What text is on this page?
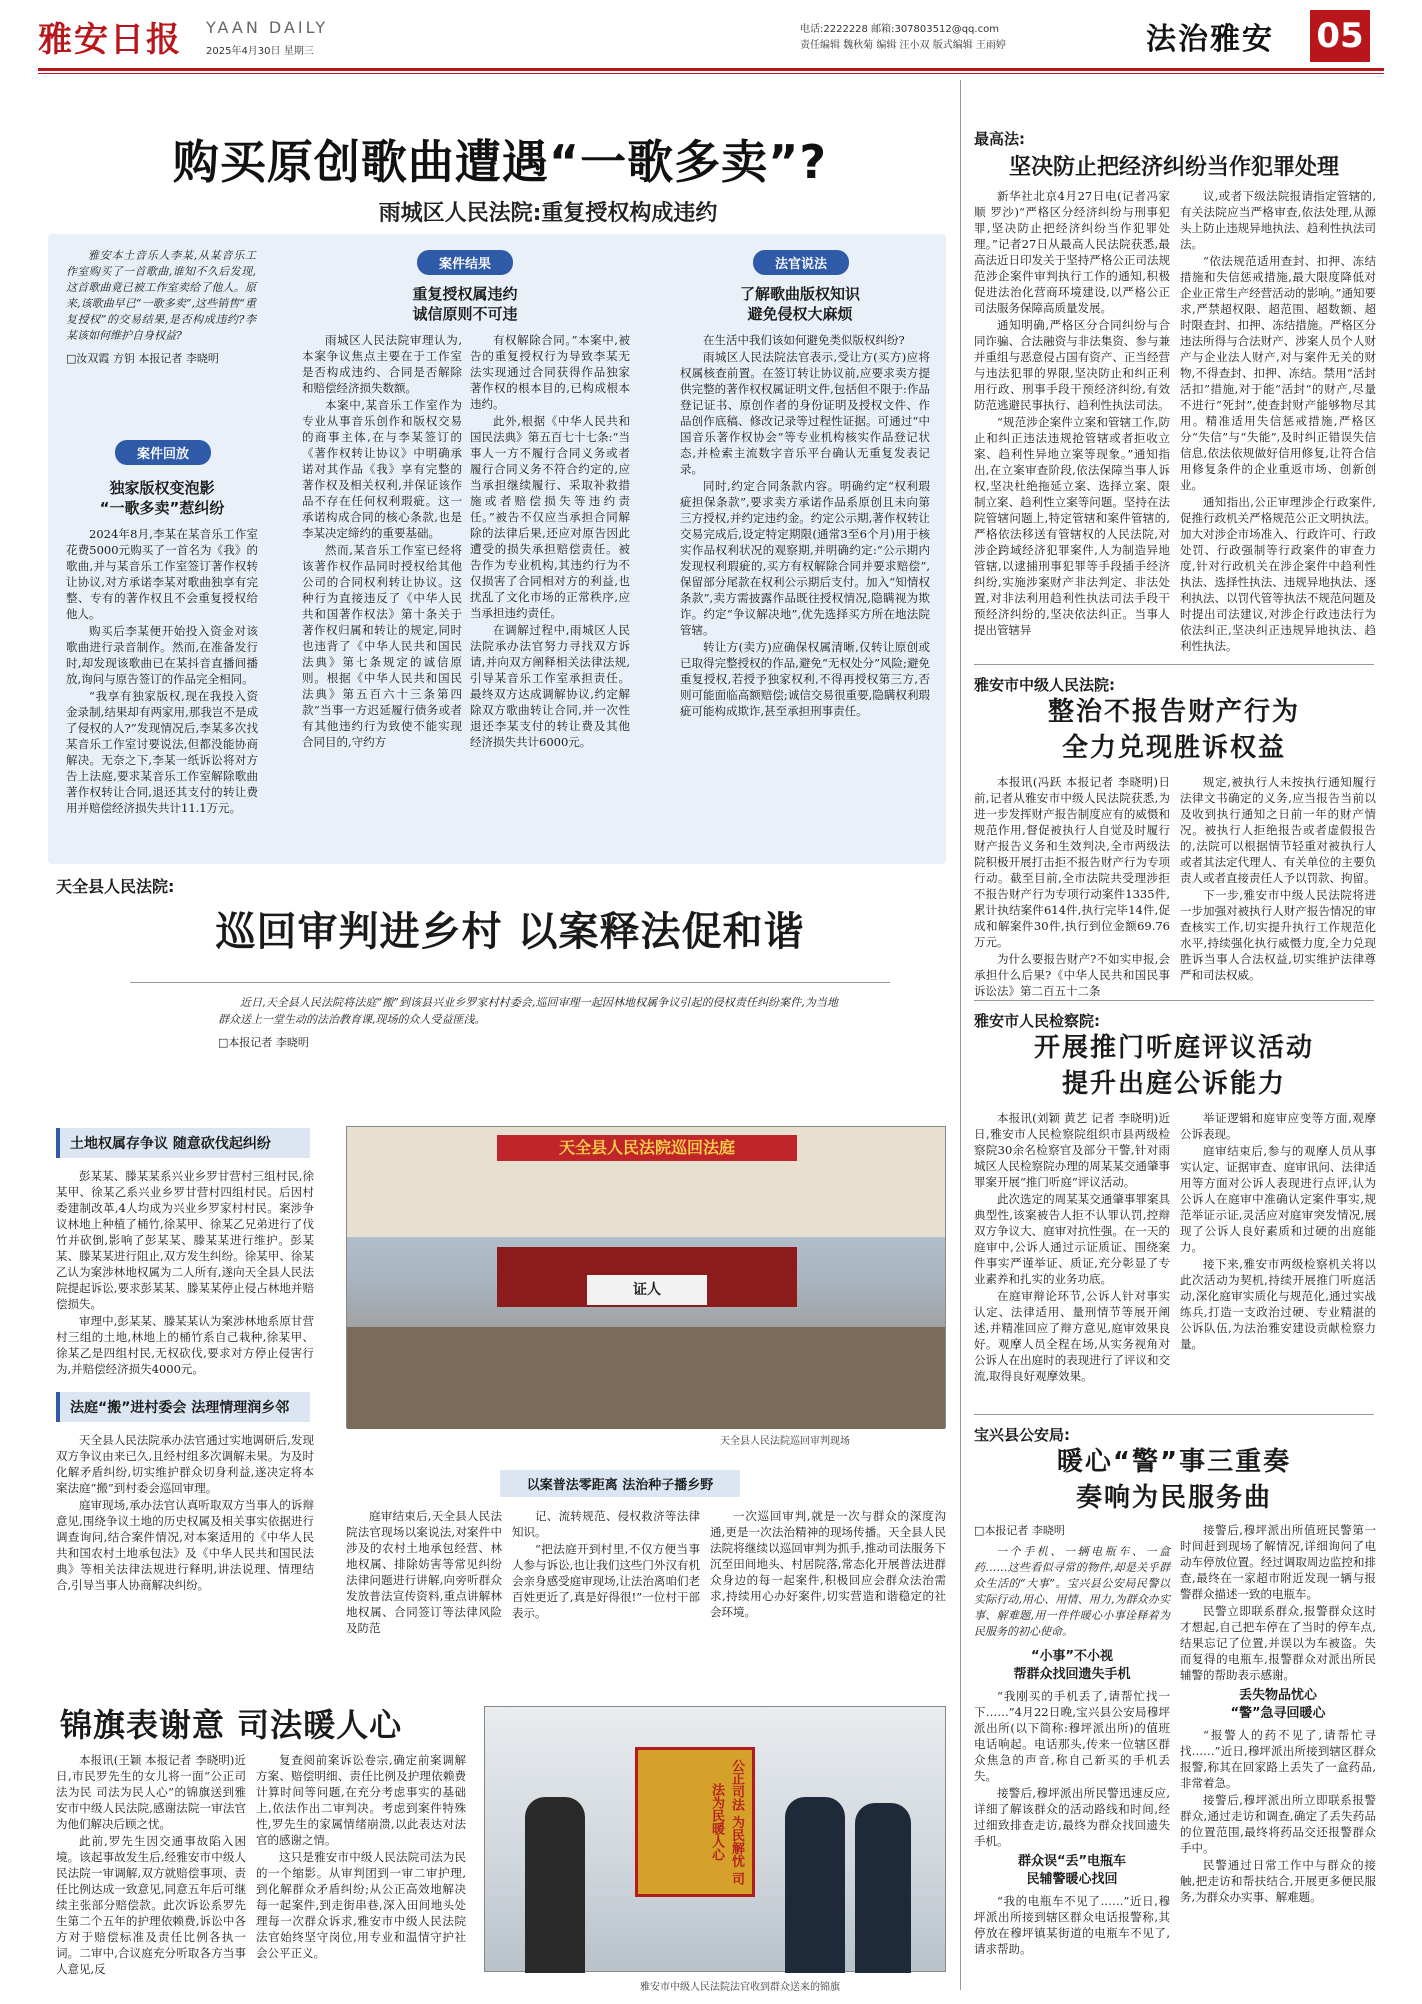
雅安日报 YAAN DAILY
2025年4月30日 星期三
电话:2222228 邮箱:307803512@qq.com
责任编辑 魏秋菊 编辑 汪小双 版式编辑 王雨婷	法治雅安	05
购买原创歌曲遭遇“一歌多卖”?
雨城区人民法院:重复授权构成违约
雅安本土音乐人李某,从某音乐工作室购买了一首歌曲,谁知不久后发现,这首歌曲竟已被工作室卖给了他人。原来,该歌曲早已“一歌多卖”,这些销售“重复授权”的交易结果,是否构成违约?李某该如何维护自身权益?
□汝双霞 方钥 本报记者 李晓明
案件回放
独家版权变泡影
“一歌多卖”惹纠纷

2024年8月,李某在某音乐工作室花费5000元购买了一首名为《我》的歌曲,并与某音乐工作室签订著作权转让协议,对方承诺李某对歌曲独享有完整、专有的著作权且不会重复授权给他人。

购买后李某便开始投入资金对该歌曲进行录音制作。然而,在准备发行时,却发现该歌曲已在某抖音直播间播放,询问与原告签订的作品完全相同。

“我享有独家版权,现在我投入资金录制,结果却有两家用,那我岂不是成了侵权的人?”发现情况后,李某多次找某音乐工作室讨要说法,但都没能协商解决。无奈之下,李某一纸诉讼将对方告上法庭,要求某音乐工作室解除歌曲著作权转让合同,退还其支付的转让费用并赔偿经济损失共计11.1万元。

案件结果
重复授权属违约
诚信原则不可违

雨城区人民法院审理认为,本案争议焦点主要在于工作室是否构成违约、合同是否解除和赔偿经济损失数额。

本案中,某音乐工作室作为专业从事音乐创作和版权交易的商事主体,在与李某签订的《著作权转让协议》中明确承诺对其作品《我》享有完整的著作权及相关权利,并保证该作品不存在任何权利瑕疵。这一承诺构成合同的核心条款,也是李某决定缔约的重要基础。

然而,某音乐工作室已经将该著作权作品同时授权给其他公司的合同权利转让协议。这种行为直接违反了《中华人民共和国著作权法》第十条关于著作权归属和转让的规定,同时也违背了《中华人民共和国民法典》第七条规定的诚信原则。根据《中华人民共和国民法典》第五百六十三条第四款“当事一方迟延履行债务或者有其他违约行为致使不能实现合同目的,守约方

有权解除合同。”本案中,被告的重复授权行为导致李某无法实现通过合同获得作品独家著作权的根本目的,已构成根本违约。

此外,根据《中华人民共和国民法典》第五百七十七条:“当事人一方不履行合同义务或者履行合同义务不符合约定的,应当承担继续履行、采取补救措施或者赔偿损失等违约责任。”被告不仅应当承担合同解除的法律后果,还应对原告因此遭受的损失承担赔偿责任。被告作为专业机构,其违约行为不仅损害了合同相对方的利益,也扰乱了文化市场的正常秩序,应当承担违约责任。

在调解过程中,雨城区人民法院承办法官努力寻找双方诉请,并向双方阐释相关法律法规,引导某音乐工作室承担责任。最终双方达成调解协议,约定解除双方歌曲转让合同,并一次性退还李某支付的转让费及其他经济损失共计6000元。

法官说法
了解歌曲版权知识
避免侵权大麻烦

在生活中我们该如何避免类似版权纠纷?

雨城区人民法院法官表示,受让方(买方)应将权属核查前置。在签订转让协议前,应要求卖方提供完整的著作权权属证明文件,包括但不限于:作品登记证书、原创作者的身份证明及授权文件、作品创作底稿、修改记录等过程性证据。可通过“中国音乐著作权协会”等专业机构核实作品登记状态,并检索主流数字音乐平台确认无重复发表记录。

同时,约定合同条款内容。明确约定“权利瑕疵担保条款”,要求卖方承诺作品系原创且未向第三方授权,并约定违约金。约定公示期,著作权转让交易完成后,设定特定期限(通常3至6个月)用于核实作品权利状况的观察期,并明确约定:“公示期内发现权利瑕疵的,买方有权解除合同并要求赔偿”,保留部分尾款在权利公示期后支付。加入“知情权条款”,卖方需披露作品既往授权情况,隐瞒视为欺诈。约定“争议解决地”,优先选择买方所在地法院管辖。

转让方(卖方)应确保权属清晰,仅转让原创或已取得完整授权的作品,避免“无权处分”风险;避免重复授权,若授予独家权利,不得再授权第三方,否则可能面临高额赔偿;诚信交易很重要,隐瞒权利瑕疵可能构成欺诈,甚至承担刑事责任。

天全县人民法院:
巡回审判进乡村 以案释法促和谐
近日,天全县人民法院将法庭“搬”到该县兴业乡罗家村村委会,巡回审理一起因林地权属争议引起的侵权责任纠纷案件,为当地群众送上一堂生动的法治教育课,现场的众人受益匪浅。
□本报记者 李晓明
土地权属存争议 随意砍伐起纠纷

彭某某、滕某某系兴业乡罗甘营村三组村民,徐某甲、徐某乙系兴业乡罗甘营村四组村民。后因村委建制改革,4人均成为兴业乡罗家村村民。案涉争议林地上种植了桶竹,徐某甲、徐某乙兄弟进行了伐竹并砍倒,影响了彭某某、滕某某进行维护。彭某某、滕某某进行阻止,双方发生纠纷。徐某甲、徐某乙认为案涉林地权属为二人所有,遂向天全县人民法院提起诉讼,要求彭某某、滕某某停止侵占林地并赔偿损失。

审理中,彭某某、滕某某认为案涉林地系原甘营村三组的土地,林地上的桶竹系自己栽种,徐某甲、徐某乙是四组村民,无权砍伐,要求对方停止侵害行为,并赔偿经济损失4000元。

法庭“搬”进村委会 法理情理润乡邻

天全县人民法院承办法官通过实地调研后,发现双方争议由来已久,且经村组多次调解未果。为及时化解矛盾纠纷,切实维护群众切身利益,遂决定将本案法庭“搬”到村委会巡回审理。

庭审现场,承办法官认真听取双方当事人的诉辩意见,围绕争议土地的历史权属及相关事实依据进行调查询问,结合案件情况,对本案适用的《中华人民共和国农村土地承包法》及《中华人民共和国民法典》等相关法律法规进行释明,讲法说理、情理结合,引导当事人协商解决纠纷。

天全县人民法院巡回法庭
证人
天全县人民法院巡回审判现场
以案普法零距离 法治种子播乡野

庭审结束后,天全县人民法院法官现场以案说法,对案件中涉及的农村土地承包经营、林地权属、排除妨害等常见纠纷法律问题进行讲解,向旁听群众发放普法宣传资料,重点讲解林地权属、合同签订等法律风险及防范

记、流转规范、侵权救济等法律知识。

“把法庭开到村里,不仅方便当事人参与诉讼,也让我们这些门外汉有机会亲身感受庭审现场,让法治离咱们老百姓更近了,真是好得很!”一位村干部表示。

一次巡回审判,就是一次与群众的深度沟通,更是一次法治精神的现场传播。天全县人民法院将继续以巡回审判为抓手,推动司法服务下沉至田间地头、村居院落,常态化开展普法进群众身边的每一起案件,积极回应会群众法治需求,持续用心办好案件,切实营造和谐稳定的社会环境。

锦旗表谢意 司法暖人心

本报讯(王颖 本报记者 李晓明)近日,市民罗先生的女儿将一面“公正司法为民 司法为民人心”的锦旗送到雅安市中级人民法院,感谢法院一审法官为他们解决后顾之忧。

此前,罗先生因交通事故陷入困境。该起事故发生后,经雅安市中级人民法院一审调解,双方就赔偿事项、责任比例达成一致意见,同意五年后可继续主张部分赔偿款。此次诉讼系罗先生第二个五年的护理依赖费,诉讼中各方对于赔偿标准及责任比例各执一词。二审中,合议庭充分听取各方当事人意见,反

复查阅前案诉讼卷宗,确定前案调解方案、赔偿明细、责任比例及护理依赖费计算时间等问题,在充分考虑事实的基础上,依法作出二审判决。考虑到案件特殊性,罗先生的家属情绪崩溃,以此表达对法官的感谢之情。

这只是雅安市中级人民法院司法为民的一个缩影。从审判团到一审二审护理,到化解群众矛盾纠纷;从公正高效地解决每一起案件,到走街串巷,深入田间地头处理每一次群众诉求,雅安市中级人民法院法官始终坚守岗位,用专业和温情守护社会公平正义。

公正司法 为民解忧 司法为民暖人心
雅安市中级人民法院法官收到群众送来的锦旗
最高法:
坚决防止把经济纠纷当作犯罪处理

新华社北京4月27日电(记者冯家顺 罗沙)“严格区分经济纠纷与刑事犯罪,坚决防止把经济纠纷当作犯罪处理。”记者27日从最高人民法院获悉,最高法近日印发关于坚持严格公正司法规范涉企案件审判执行工作的通知,积极促进法治化营商环境建设,以严格公正司法服务保障高质量发展。

通知明确,严格区分合同纠纷与合同诈骗、合法融资与非法集资、参与兼并重组与恶意侵占国有资产、正当经营与违法犯罪的界限,坚决防止和纠正利用行政、刑事手段干预经济纠纷,有效防范逃避民事执行、趋利性执法司法。

“规范涉企案件立案和管辖工作,防止和纠正违法违规抢管辖或者拒收立案、趋利性异地立案等现象。”通知指出,在立案审查阶段,依法保障当事人诉权,坚决杜绝拖延立案、选择立案、限制立案、趋利性立案等问题。坚持在法院管辖问题上,特定管辖和案件管辖的,严格依法移送有管辖权的人民法院,对涉企跨域经济犯罪案件,人为制造异地管辖,以逮捕刑事犯罪等手段插手经济纠纷,实施涉案财产非法判定、非法处置,对非法利用趋利性执法司法手段干预经济纠纷的,坚决依法纠正。当事人提出管辖异

议,或者下级法院报请指定管辖的,有关法院应当严格审查,依法处理,从源头上防止违规异地执法、趋利性执法司法。

“依法规范适用查封、扣押、冻结措施和失信惩戒措施,最大限度降低对企业正常生产经营活动的影响。”通知要求,严禁超权限、超范围、超数额、超时限查封、扣押、冻结措施。严格区分违法所得与合法财产、涉案人员个人财产与企业法人财产,对与案件无关的财物,不得查封、扣押、冻结。禁用“活封活扣”措施,对于能“活封”的财产,尽量不进行“死封”,使查封财产能够物尽其用。精准适用失信惩戒措施,严格区分“失信”与“失能”,及时纠正错误失信信息,依法依规做好信用修复,让符合信用修复条件的企业重返市场、创新创业。

通知指出,公正审理涉企行政案件,促推行政机关严格规范公正文明执法。加大对涉企市场准入、行政许可、行政处罚、行政强制等行政案件的审查力度,针对行政机关在涉企案件中趋利性执法、选择性执法、违规异地执法、逐利执法、以罚代管等执法不规范问题及时提出司法建议,对涉企行政违法行为依法纠正,坚决纠正违规异地执法、趋利性执法。

雅安市中级人民法院:
整治不报告财产行为
全力兑现胜诉权益

本报讯(冯跃 本报记者 李晓明)日前,记者从雅安市中级人民法院获悉,为进一步发挥财产报告制度应有的威慑和规范作用,督促被执行人自觉及时履行财产报告义务和生效判决,全市两级法院积极开展打击拒不报告财产行为专项行动。截至目前,全市法院共受理涉拒不报告财产行为专项行动案件1335件,累计执结案件614件,执行完毕14件,促成和解案件30件,执行到位金额69.76万元。

为什么要报告财产?不如实申报,会承担什么后果?《中华人民共和国民事诉讼法》第二百五十二条

规定,被执行人未按执行通知履行法律文书确定的义务,应当报告当前以及收到执行通知之日前一年的财产情况。被执行人拒绝报告或者虚假报告的,法院可以根据情节轻重对被执行人或者其法定代理人、有关单位的主要负责人或者直接责任人予以罚款、拘留。

下一步,雅安市中级人民法院将进一步加强对被执行人财产报告情况的审查核实工作,切实提升执行工作规范化水平,持续强化执行威慑力度,全力兑现胜诉当事人合法权益,切实维护法律尊严和司法权威。

雅安市人民检察院:
开展推门听庭评议活动
提升出庭公诉能力

本报讯(刘颖 黄艺 记者 李晓明)近日,雅安市人民检察院组织市县两级检察院30余名检察官及部分干警,针对雨城区人民检察院办理的周某某交通肇事罪案开展“推门听庭”评议活动。

此次选定的周某某交通肇事罪案具典型性,该案被告人拒不认罪认罚,控辩双方争议大、庭审对抗性强。在一天的庭审中,公诉人通过示证质证、围绕案件事实严谨举证、质证,充分彰显了专业素养和扎实的业务功底。

在庭审辩论环节,公诉人针对事实认定、法律适用、量刑情节等展开阐述,并精准回应了辩方意见,庭审效果良好。观摩人员全程在场,从实务视角对公诉人在出庭时的表现进行了评议和交流,取得良好观摩效果。

举证逻辑和庭审应变等方面,观摩公诉表现。

庭审结束后,参与的观摩人员从事实认定、证据审查、庭审讯问、法律适用等方面对公诉人表现进行点评,认为公诉人在庭审中准确认定案件事实,规范举证示证,灵活应对庭审突发情况,展现了公诉人良好素质和过硬的出庭能力。

接下来,雅安市两级检察机关将以此次活动为契机,持续开展推门听庭活动,深化庭审实质化与规范化,通过实战练兵,打造一支政治过硬、专业精湛的公诉队伍,为法治雅安建设贡献检察力量。

宝兴县公安局:
暖心“警”事三重奏
奏响为民服务曲
□本报记者 李晓明
一个手机、一辆电瓶车、一盒药……这些看似寻常的物件,却是关乎群众生活的“大事”。宝兴县公安局民警以实际行动,用心、用情、用力,为群众办实事、解难题,用一件件暖心小事诠释着为民服务的初心使命。
“小事”不小视
帮群众找回遗失手机

“我刚买的手机丢了,请帮忙找一下……”4月22日晚,宝兴县公安局穆坪派出所(以下简称:穆坪派出所)的值班电话响起。电话那头,传来一位辖区群众焦急的声音,称自己新买的手机丢失。

接警后,穆坪派出所民警迅速反应,详细了解该群众的活动路线和时间,经过细致排查走访,最终为群众找回遗失手机。

群众误“丢”电瓶车
民辅警暖心找回

“我的电瓶车不见了……”近日,穆坪派出所接到辖区群众电话报警称,其停放在穆坪镇某街道的电瓶车不见了,请求帮助。

接警后,穆坪派出所值班民警第一时间赶到现场了解情况,详细询问了电动车停放位置。经过调取周边监控和排查,最终在一家超市附近发现一辆与报警群众描述一致的电瓶车。

民警立即联系群众,报警群众这时才想起,自己把车停在了当时的停车点,结果忘记了位置,并误以为车被盗。失而复得的电瓶车,报警群众对派出所民辅警的帮助表示感谢。

丢失物品忧心
“警”急寻回暖心

“报警人的药不见了,请帮忙寻找……”近日,穆坪派出所接到辖区群众报警,称其在回家路上丢失了一盒药品,非常着急。

接警后,穆坪派出所立即联系报警群众,通过走访和调查,确定了丢失药品的位置范围,最终将药品交还报警群众手中。

民警通过日常工作中与群众的接触,把走访和帮扶结合,开展更多便民服务,为群众办实事、解难题。
